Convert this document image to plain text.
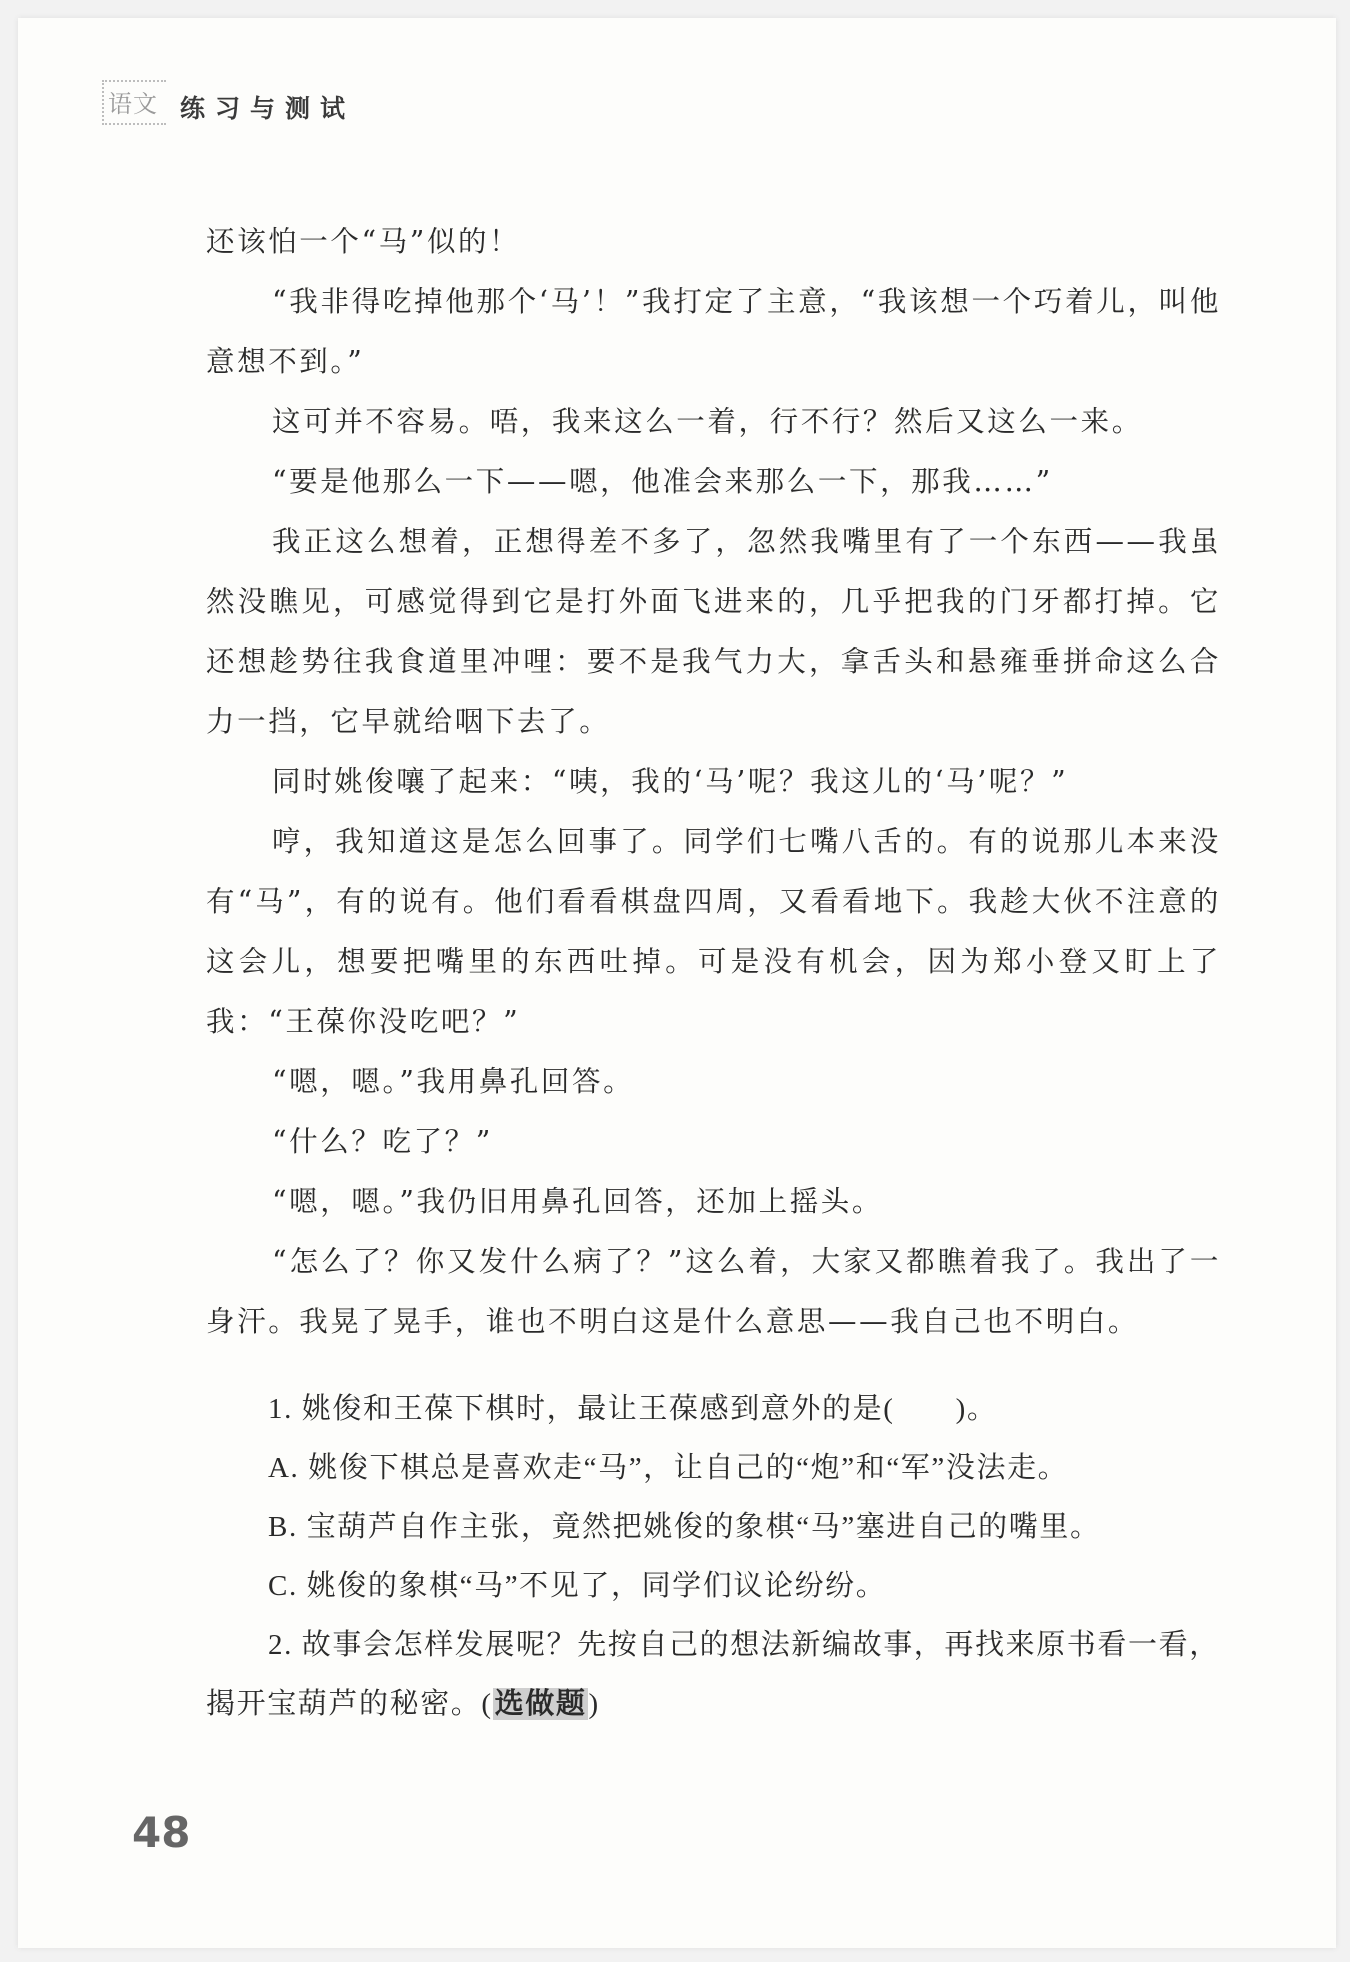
语文 练习与测试

还该怕一个“马”似的！

“我非得吃掉他那个‘马’！”我打定了主意，“我该想一个巧着儿，叫他意想不到。”

这可并不容易。唔，我来这么一着，行不行？然后又这么一来。

“要是他那么一下——嗯，他准会来那么一下，那我……”

我正这么想着，正想得差不多了，忽然我嘴里有了一个东西——我虽然没瞧见，可感觉得到它是打外面飞进来的，几乎把我的门牙都打掉。它还想趁势往我食道里冲哩：要不是我气力大，拿舌头和悬雍垂拼命这么合力一挡，它早就给咽下去了。

同时姚俊嚷了起来：“咦，我的‘马’呢？我这儿的‘马’呢？”

哼，我知道这是怎么回事了。同学们七嘴八舌的。有的说那儿本来没有“马”，有的说有。他们看看棋盘四周，又看看地下。我趁大伙不注意的这会儿，想要把嘴里的东西吐掉。可是没有机会，因为郑小登又盯上了我：“王葆你没吃吧？”

“嗯，嗯。”我用鼻孔回答。

“什么？吃了？”

“嗯，嗯。”我仍旧用鼻孔回答，还加上摇头。

“怎么了？你又发什么病了？”这么着，大家又都瞧着我了。我出了一身汗。我晃了晃手，谁也不明白这是什么意思——我自己也不明白。

1. 姚俊和王葆下棋时，最让王葆感到意外的是(　　)。

A. 姚俊下棋总是喜欢走“马”，让自己的“炮”和“军”没法走。

B. 宝葫芦自作主张，竟然把姚俊的象棋“马”塞进自己的嘴里。

C. 姚俊的象棋“马”不见了，同学们议论纷纷。

2. 故事会怎样发展呢？先按自己的想法新编故事，再找来原书看一看，揭开宝葫芦的秘密。(选做题)

48
